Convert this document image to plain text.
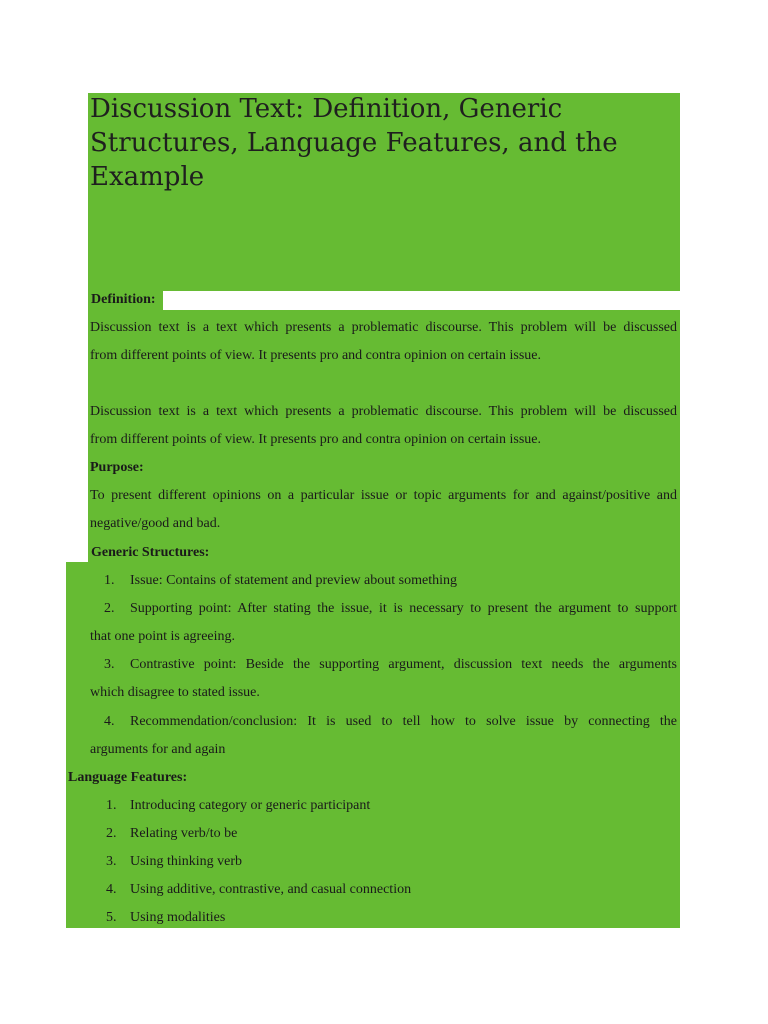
Discussion Text: Definition, Generic Structures, Language Features, and the Example
Definition:
Discussion text is a text which presents a problematic discourse. This problem will be discussed
from different points of view. It presents pro and contra opinion on certain issue.
Discussion text is a text which presents a problematic discourse. This problem will be discussed
from different points of view. It presents pro and contra opinion on certain issue.
Purpose:
To present different opinions on a particular issue or topic arguments for and against/positive and
negative/good and bad.
Generic Structures:
1. Issue: Contains of statement and preview about something
2. Supporting point: After stating the issue, it is necessary to present the argument to support
that one point is agreeing.
3. Contrastive point: Beside the supporting argument, discussion text needs the arguments
which disagree to stated issue.
4. Recommendation/conclusion: It is used to tell how to solve issue by connecting the
arguments for and again
Language Features:
1. Introducing category or generic participant
2. Relating verb/to be
3. Using thinking verb
4. Using additive, contrastive, and casual connection
5. Using modalities
